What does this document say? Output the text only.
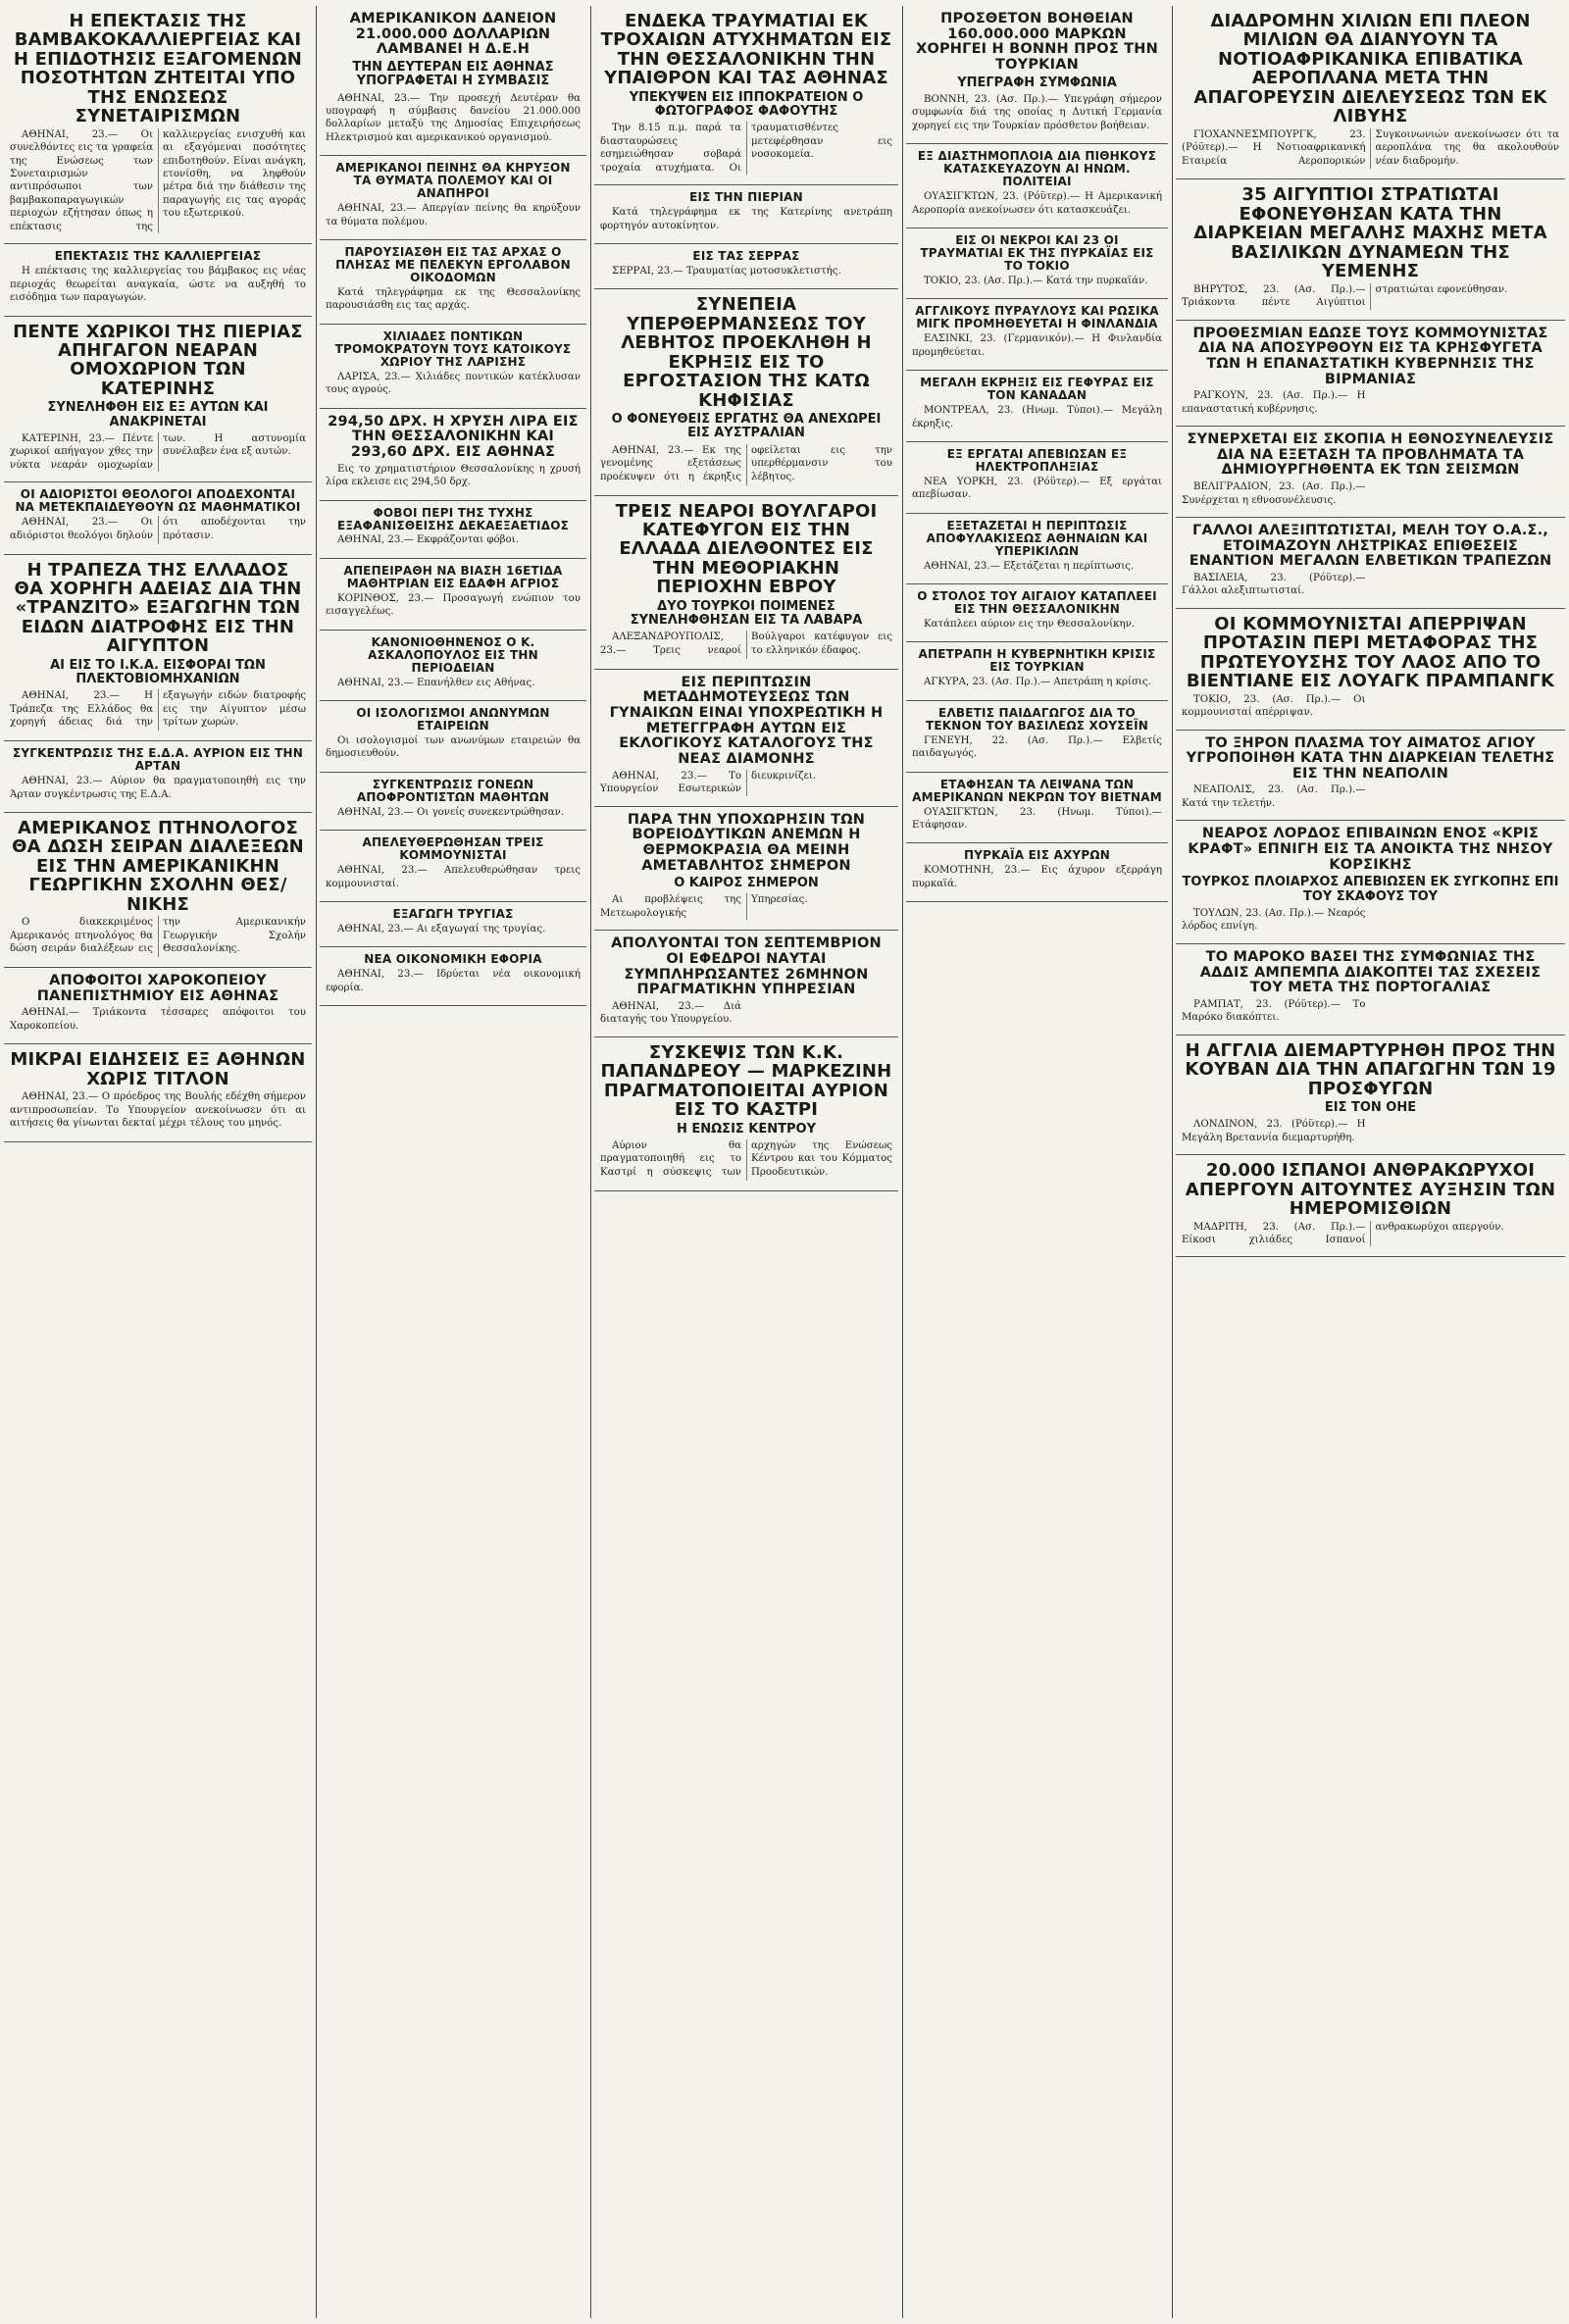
Η ΕΠΕΚΤΑΣΙΣ ΤΗΣ ΒΑΜΒΑΚΟΚΑΛΛΙΕΡΓΕΙΑΣ ΚΑΙ Η ΕΠΙΔΟΤΗΣΙΣ ΕΞΑΓΟΜΕΝΩΝ ΠΟΣΟΤΗΤΩΝ ΖΗΤΕΙΤΑΙ ΥΠΟ ΤΗΣ ΕΝΩΣΕΩΣ ΣΥΝΕΤΑΙΡΙΣΜΩΝ

ΑΘΗΝΑΙ, 23.— Οι συνελθόντες εις τα γραφεία της Ενώσεως των Συνεταιρισμών αντιπρόσωποι των βαμβακοπαραγωγικών περιοχών εζήτησαν όπως η επέκτασις της καλλιεργείας ενισχυθή και αι εξαγόμεναι ποσότητες επιδοτηθούν. Είναι ανάγκη, ετονίσθη, να ληφθούν μέτρα διά την διάθεσιν της παραγωγής εις τας αγοράς του εξωτερικού.

ΕΠΕΚΤΑΣΙΣ ΤΗΣ ΚΑΛΛΙΕΡΓΕΙΑΣ

Η επέκτασις της καλλιεργείας του βάμβακος εις νέας περιοχάς θεωρείται αναγκαία, ώστε να αυξηθή το εισόδημα των παραγωγών.

ΠΕΝΤΕ ΧΩΡΙΚΟΙ ΤΗΣ ΠΙΕΡΙΑΣ ΑΠΗΓΑΓΟΝ ΝΕΑΡΑΝ ΟΜΟΧΩΡΙΟΝ ΤΩΝ ΚΑΤΕΡΙΝΗΣ
ΣΥΝΕΛΗΦΘΗ ΕΙΣ ΕΞ ΑΥΤΩΝ ΚΑΙ ΑΝΑΚΡΙΝΕΤΑΙ

ΚΑΤΕΡΙΝΗ, 23.— Πέντε χωρικοί απήγαγον χθες την νύκτα νεαράν ομοχωρίαν των. Η αστυνομία συνέλαβεν ένα εξ αυτών.

ΟΙ ΑΔΙΟΡΙΣΤΟΙ ΘΕΟΛΟΓΟΙ ΑΠΟΔΕΧΟΝΤΑΙ ΝΑ ΜΕΤΕΚΠΑΙΔΕΥΘΟΥΝ ΩΣ ΜΑΘΗΜΑΤΙΚΟΙ

ΑΘΗΝΑΙ, 23.— Οι αδιόριστοι θεολόγοι δηλούν ότι αποδέχονται την πρότασιν.

Η ΤΡΑΠΕΖΑ ΤΗΣ ΕΛΛΑΔΟΣ ΘΑ ΧΟΡΗΓΗ ΑΔΕΙΑΣ ΔΙΑ ΤΗΝ «ΤΡΑΝΖΙΤΟ» ΕΞΑΓΩΓΗΝ ΤΩΝ ΕΙΔΩΝ ΔΙΑΤΡΟΦΗΣ ΕΙΣ ΤΗΝ ΑΙΓΥΠΤΟΝ
ΑΙ ΕΙΣ ΤΟ Ι.Κ.Α. ΕΙΣΦΟΡΑΙ ΤΩΝ ΠΛΕΚΤΟΒΙΟΜΗΧΑΝΙΩΝ

ΑΘΗΝΑΙ, 23.— Η Τράπεζα της Ελλάδος θα χορηγή άδειας διά την εξαγωγήν ειδών διατροφής εις την Αίγυπτον μέσω τρίτων χωρών.

ΣΥΓΚΕΝΤΡΩΣΙΣ ΤΗΣ Ε.Δ.Α. ΑΥΡΙΟΝ ΕΙΣ ΤΗΝ ΑΡΤΑΝ

ΑΘΗΝΑΙ, 23.— Αύριον θα πραγματοποιηθή εις την Άρταν συγκέντρωσις της Ε.Δ.Α.

ΑΜΕΡΙΚΑΝΟΣ ΠΤΗΝΟΛΟΓΟΣ ΘΑ ΔΩΣΗ ΣΕΙΡΑΝ ΔΙΑΛΕΞΕΩΝ ΕΙΣ ΤΗΝ ΑΜΕΡΙΚΑΝΙΚΗΝ ΓΕΩΡΓΙΚΗΝ ΣΧΟΛΗΝ ΘΕΣ/ΝΙΚΗΣ

Ο διακεκριμένος Αμερικανός πτηνολόγος θα δώση σειράν διαλέξεων εις την Αμερικανικήν Γεωργικήν Σχολήν Θεσσαλονίκης.

ΑΠΟΦΟΙΤΟΙ ΧΑΡΟΚΟΠΕΙΟΥ ΠΑΝΕΠΙΣΤΗΜΙΟΥ ΕΙΣ ΑΘΗΝΑΣ

ΑΘΗΝΑΙ.— Τριάκοντα τέσσαρες απόφοιτοι του Χαροκοπείου.

ΜΙΚΡΑΙ ΕΙΔΗΣΕΙΣ ΕΞ ΑΘΗΝΩΝ ΧΩΡΙΣ ΤΙΤΛΟΝ

ΑΘΗΝΑΙ, 23.— Ο πρόεδρος της Βουλής εδέχθη σήμερον αντιπροσωπείαν. Το Υπουργείον ανεκοίνωσεν ότι αι αιτήσεις θα γίνωνται δεκταί μέχρι τέλους του μηνός.

ΑΜΕΡΙΚΑΝΙΚΟΝ ΔΑΝΕΙΟΝ 21.000.000 ΔΟΛΛΑΡΙΩΝ ΛΑΜΒΑΝΕΙ Η Δ.Ε.Η
ΤΗΝ ΔΕΥΤΕΡΑΝ ΕΙΣ ΑΘΗΝΑΣ ΥΠΟΓΡΑΦΕΤΑΙ Η ΣΥΜΒΑΣΙΣ

ΑΘΗΝΑΙ, 23.— Την προσεχή Δευτέραν θα υπογραφή η σύμβασις δανείου 21.000.000 δολλαρίων μεταξύ της Δημοσίας Επιχειρήσεως Ηλεκτρισμού και αμερικανικού οργανισμού.

ΑΜΕΡΙΚΑΝΟΙ ΠΕΙΝΗΣ ΘΑ ΚΗΡΥΞΟΝ ΤΑ ΘΥΜΑΤΑ ΠΟΛΕΜΟΥ ΚΑΙ ΟΙ ΑΝΑΠΗΡΟΙ

ΑΘΗΝΑΙ, 23.— Απεργίαν πείνης θα κηρύξουν τα θύματα πολέμου.

ΠΑΡΟΥΣΙΑΣΘΗ ΕΙΣ ΤΑΣ ΑΡΧΑΣ Ο ΠΛΗΣΑΣ ΜΕ ΠΕΛΕΚΥΝ ΕΡΓΟΛΑΒΟΝ ΟΙΚΟΔΟΜΩΝ

Κατά τηλεγράφημα εκ της Θεσσαλονίκης παρουσιάσθη εις τας αρχάς.

ΧΙΛΙΑΔΕΣ ΠΟΝΤΙΚΩΝ ΤΡΟΜΟΚΡΑΤΟΥΝ ΤΟΥΣ ΚΑΤΟΙΚΟΥΣ ΧΩΡΙΟΥ ΤΗΣ ΛΑΡΙΣΗΣ

ΛΑΡΙΣΑ, 23.— Χιλιάδες ποντικών κατέκλυσαν τους αγρούς.

294,50 ΔΡΧ. Η ΧΡΥΣΗ ΛΙΡΑ ΕΙΣ ΤΗΝ ΘΕΣΣΑΛΟΝΙΚΗΝ ΚΑΙ 293,60 ΔΡΧ. ΕΙΣ ΑΘΗΝΑΣ

Εις το χρηματιστήριον Θεσσαλονίκης η χρυσή λίρα εκλεισε εις 294,50 δρχ.

ΦΟΒΟΙ ΠΕΡΙ ΤΗΣ ΤΥΧΗΣ ΕΞΑΦΑΝΙΣΘΕΙΣΗΣ ΔΕΚΑΕΞΑΕΤΙΔΟΣ

ΑΘΗΝΑΙ, 23.— Εκφράζονται φόβοι.

ΑΠΕΠΕΙΡΑΘΗ ΝΑ ΒΙΑΣΗ 16ΕΤΙΔΑ ΜΑΘΗΤΡΙΑΝ ΕΙΣ ΕΔΑΦΗ ΑΓΡΙΟΣ

ΚΟΡΙΝΘΟΣ, 23.— Προσαγωγή ενώπιον του εισαγγελέως.

ΚΑΝΟΝΙΟΘΗΝΕΝΟΣ Ο Κ. ΑΣΚΑΛΟΠΟΥΛΟΣ ΕΙΣ ΤΗΝ ΠΕΡΙΟΔΕΙΑΝ

ΑΘΗΝΑΙ, 23.— Επανήλθεν εις Αθήνας.

ΟΙ ΙΣΟΛΟΓΙΣΜΟΙ ΑΝΩΝΥΜΩΝ ΕΤΑΙΡΕΙΩΝ

Οι ισολογισμοί των ανωνύμων εταιρειών θα δημοσιευθούν.

ΣΥΓΚΕΝΤΡΩΣΙΣ ΓΟΝΕΩΝ ΑΠΟΦΡΟΝΤΙΣΤΩΝ ΜΑΘΗΤΩΝ

ΑΘΗΝΑΙ, 23.— Οι γονείς συνεκεντρώθησαν.

ΑΠΕΛΕΥΘΕΡΩΘΗΣΑΝ ΤΡΕΙΣ ΚΟΜΜΟΥΝΙΣΤΑΙ

ΑΘΗΝΑΙ, 23.— Απελευθερώθησαν τρεις κομμουνισταί.

ΕΞΑΓΩΓΗ ΤΡΥΓΙΑΣ

ΑΘΗΝΑΙ, 23.— Αι εξαγωγαί της τρυγίας.

ΝΕΑ ΟΙΚΟΝΟΜΙΚΗ ΕΦΟΡΙΑ

ΑΘΗΝΑΙ, 23.— Ιδρύεται νέα οικονομική εφορία.

ΕΝΔΕΚΑ ΤΡΑΥΜΑΤΙΑΙ ΕΚ ΤΡΟΧΑΙΩΝ ΑΤΥΧΗΜΑΤΩΝ ΕΙΣ ΤΗΝ ΘΕΣΣΑΛΟΝΙΚΗΝ ΤΗΝ ΥΠΑΙΘΡΟΝ ΚΑΙ ΤΑΣ ΑΘΗΝΑΣ
ΥΠΕΚΥΨΕΝ ΕΙΣ ΙΠΠΟΚΡΑΤΕΙΟΝ Ο ΦΩΤΟΓΡΑΦΟΣ ΦΑΦΟΥΤΗΣ

Την 8.15 π.μ. παρά τα διασταυρώσεις εσημειώθησαν σοβαρά τροχαία ατυχήματα. Οι τραυματισθέντες μετεφέρθησαν εις νοσοκομεία.

ΕΙΣ ΤΗΝ ΠΙΕΡΙΑΝ

Κατά τηλεγράφημα εκ της Κατερίνης ανετράπη φορτηγόν αυτοκίνητον.

ΕΙΣ ΤΑΣ ΣΕΡΡΑΣ

ΣΕΡΡΑΙ, 23.— Τραυματίας μοτοσυκλετιστής.

ΣΥΝΕΠΕΙΑ ΥΠΕΡΘΕΡΜΑΝΣΕΩΣ ΤΟΥ ΛΕΒΗΤΟΣ ΠΡΟΕΚΛΗΘΗ Η ΕΚΡΗΞΙΣ ΕΙΣ ΤΟ ΕΡΓΟΣΤΑΣΙΟΝ ΤΗΣ ΚΑΤΩ ΚΗΦΙΣΙΑΣ
Ο ΦΟΝΕΥΘΕΙΣ ΕΡΓΑΤΗΣ ΘΑ ΑΝΕΧΩΡΕΙ ΕΙΣ ΑΥΣΤΡΑΛΙΑΝ

ΑΘΗΝΑΙ, 23.— Εκ της γενομένης εξετάσεως προέκυψεν ότι η έκρηξις οφείλεται εις την υπερθέρμανσιν του λέβητος.

ΤΡΕΙΣ ΝΕΑΡΟΙ ΒΟΥΛΓΑΡΟΙ ΚΑΤΕΦΥΓΟΝ ΕΙΣ ΤΗΝ ΕΛΛΑΔΑ ΔΙΕΛΘΟΝΤΕΣ ΕΙΣ ΤΗΝ ΜΕΘΟΡΙΑΚΗΝ ΠΕΡΙΟΧΗΝ ΕΒΡΟΥ
ΔΥΟ ΤΟΥΡΚΟΙ ΠΟΙΜΕΝΕΣ ΣΥΝΕΛΗΦΘΗΣΑΝ ΕΙΣ ΤΑ ΛΑΒΑΡΑ

ΑΛΕΞΑΝΔΡΟΥΠΟΛΙΣ, 23.— Τρεις νεαροί Βούλγαροι κατέφυγον εις το ελληνικόν έδαφος.

ΕΙΣ ΠΕΡΙΠΤΩΣΙΝ ΜΕΤΑΔΗΜΟΤΕΥΣΕΩΣ ΤΩΝ ΓΥΝΑΙΚΩΝ ΕΙΝΑΙ ΥΠΟΧΡΕΩΤΙΚΗ Η ΜΕΤΕΓΓΡΑΦΗ ΑΥΤΩΝ ΕΙΣ ΕΚΛΟΓΙΚΟΥΣ ΚΑΤΑΛΟΓΟΥΣ ΤΗΣ ΝΕΑΣ ΔΙΑΜΟΝΗΣ

ΑΘΗΝΑΙ, 23.— Το Υπουργείον Εσωτερικών διευκρινίζει.

ΠΑΡΑ ΤΗΝ ΥΠΟΧΩΡΗΣΙΝ ΤΩΝ ΒΟΡΕΙΟΔΥΤΙΚΩΝ ΑΝΕΜΩΝ Η ΘΕΡΜΟΚΡΑΣΙΑ ΘΑ ΜΕΙΝΗ ΑΜΕΤΑΒΛΗΤΟΣ ΣΗΜΕΡΟΝ
Ο ΚΑΙΡΟΣ ΣΗΜΕΡΟΝ

Αι προβλέψεις της Μετεωρολογικής Υπηρεσίας.

ΑΠΟΛΥΟΝΤΑΙ ΤΟΝ ΣΕΠΤΕΜΒΡΙΟΝ ΟΙ ΕΦΕΔΡΟΙ ΝΑΥΤΑΙ ΣΥΜΠΛΗΡΩΣΑΝΤΕΣ 26ΜΗΝΟΝ ΠΡΑΓΜΑΤΙΚΗΝ ΥΠΗΡΕΣΙΑΝ

ΑΘΗΝΑΙ, 23.— Διά διαταγής του Υπουργείου.

ΣΥΣΚΕΨΙΣ ΤΩΝ Κ.Κ. ΠΑΠΑΝΔΡΕΟΥ — ΜΑΡΚΕΖΙΝΗ ΠΡΑΓΜΑΤΟΠΟΙΕΙΤΑΙ ΑΥΡΙΟΝ ΕΙΣ ΤΟ ΚΑΣΤΡΙ
Η ΕΝΩΣΙΣ ΚΕΝΤΡΟΥ

Αύριον θα πραγματοποιηθή εις το Καστρί η σύσκεψις των αρχηγών της Ενώσεως Κέντρου και του Κόμματος Προοδευτικών.

ΠΡΟΣΘΕΤΟΝ ΒΟΗΘΕΙΑΝ 160.000.000 ΜΑΡΚΩΝ ΧΟΡΗΓΕΙ Η ΒΟΝΝΗ ΠΡΟΣ ΤΗΝ ΤΟΥΡΚΙΑΝ
ΥΠΕΓΡΑΦΗ ΣΥΜΦΩΝΙΑ

ΒΟΝΝΗ, 23. (Ασ. Πρ.).— Υπεγράφη σήμερον συμφωνία διά της οποίας η Δυτική Γερμανία χορηγεί εις την Τουρκίαν πρόσθετον βοήθειαν.

ΕΞ ΔΙΑΣΤΗΜΟΠΛΟΙΑ ΔΙΑ ΠΙΘΗΚΟΥΣ ΚΑΤΑΣΚΕΥΑΖΟΥΝ ΑΙ ΗΝΩΜ. ΠΟΛΙΤΕΙΑΙ

ΟΥΑΣΙΓΚΤΩΝ, 23. (Ρόϋτερ).— Η Αμερικανική Αεροπορία ανεκοίνωσεν ότι κατασκευάζει.

ΕΙΣ ΟΙ ΝΕΚΡΟΙ ΚΑΙ 23 ΟΙ ΤΡΑΥΜΑΤΙΑΙ ΕΚ ΤΗΣ ΠΥΡΚΑΪΑΣ ΕΙΣ ΤΟ ΤΟΚΙΟ

ΤΟΚΙΟ, 23. (Ασ. Πρ.).— Κατά την πυρκαϊάν.

ΑΓΓΛΙΚΟΥΣ ΠΥΡΑΥΛΟΥΣ ΚΑΙ ΡΩΣΙΚΑ ΜΙΓΚ ΠΡΟΜΗΘΕΥΕΤΑΙ Η ΦΙΝΛΑΝΔΙΑ

ΕΛΣΙΝΚΙ, 23. (Γερμανικόν).— Η Φινλανδία προμηθεύεται.

ΜΕΓΑΛΗ ΕΚΡΗΞΙΣ ΕΙΣ ΓΕΦΥΡΑΣ ΕΙΣ ΤΟΝ ΚΑΝΑΔΑΝ

ΜΟΝΤΡΕΑΛ, 23. (Ηνωμ. Τύποι).— Μεγάλη έκρηξις.

ΕΞ ΕΡΓΑΤΑΙ ΑΠΕΒΙΩΣΑΝ ΕΞ ΗΛΕΚΤΡΟΠΛΗΞΙΑΣ

ΝΕΑ ΥΟΡΚΗ, 23. (Ρόϋτερ).— Εξ εργάται απεβίωσαν.

ΕΞΕΤΑΖΕΤΑΙ Η ΠΕΡΙΠΤΩΣΙΣ ΑΠΟΦΥΛΑΚΙΣΕΩΣ ΑΘΗΝΑΙΩΝ ΚΑΙ ΥΠΕΡΙΚΙΛΩΝ

ΑΘΗΝΑΙ, 23.— Εξετάζεται η περίπτωσις.

Ο ΣΤΟΛΟΣ ΤΟΥ ΑΙΓΑΙΟΥ ΚΑΤΑΠΛΕΕΙ ΕΙΣ ΤΗΝ ΘΕΣΣΑΛΟΝΙΚΗΝ

Κατάπλεει αύριον εις την Θεσσαλονίκην.

ΑΠΕΤΡΑΠΗ Η ΚΥΒΕΡΝΗΤΙΚΗ ΚΡΙΣΙΣ ΕΙΣ ΤΟΥΡΚΙΑΝ

ΑΓΚΥΡΑ, 23. (Ασ. Πρ.).— Απετράπη η κρίσις.

ΕΛΒΕΤΙΣ ΠΑΙΔΑΓΩΓΟΣ ΔΙΑ ΤΟ ΤΕΚΝΟΝ ΤΟΥ ΒΑΣΙΛΕΩΣ ΧΟΥΣΕΪΝ

ΓΕΝΕΥΗ, 22. (Ασ. Πρ.).— Ελβετίς παιδαγωγός.

ΕΤΑΦΗΣΑΝ ΤΑ ΛΕΙΨΑΝΑ ΤΩΝ ΑΜΕΡΙΚΑΝΩΝ ΝΕΚΡΩΝ ΤΟΥ ΒΙΕΤΝΑΜ

ΟΥΑΣΙΓΚΤΩΝ, 23. (Ηνωμ. Τύποι).— Ετάφησαν.

ΠΥΡΚΑΪΑ ΕΙΣ ΑΧΥΡΩΝ

ΚΟΜΟΤΗΝΗ, 23.— Εις άχυρον εξερράγη πυρκαϊά.

ΔΙΑΔΡΟΜΗΝ ΧΙΛΙΩΝ ΕΠΙ ΠΛΕΟΝ ΜΙΛΙΩΝ ΘΑ ΔΙΑΝΥΟΥΝ ΤΑ ΝΟΤΙΟΑΦΡΙΚΑΝΙΚΑ ΕΠΙΒΑΤΙΚΑ ΑΕΡΟΠΛΑΝΑ ΜΕΤΑ ΤΗΝ ΑΠΑΓΟΡΕΥΣΙΝ ΔΙΕΛΕΥΣΕΩΣ ΤΩΝ ΕΚ ΛΙΒΥΗΣ

ΓΙΟΧΑΝΝΕΣΜΠΟΥΡΓΚ, 23. (Ρόϋτερ).— Η Νοτιοαφρικανική Εταιρεία Αεροπορικών Συγκοινωνιών ανεκοίνωσεν ότι τα αεροπλάνα της θα ακολουθούν νέαν διαδρομήν.

35 ΑΙΓΥΠΤΙΟΙ ΣΤΡΑΤΙΩΤΑΙ ΕΦΟΝΕΥΘΗΣΑΝ ΚΑΤΑ ΤΗΝ ΔΙΑΡΚΕΙΑΝ ΜΕΓΑΛΗΣ ΜΑΧΗΣ ΜΕΤΑ ΒΑΣΙΛΙΚΩΝ ΔΥΝΑΜΕΩΝ ΤΗΣ ΥΕΜΕΝΗΣ

ΒΗΡΥΤΟΣ, 23. (Ασ. Πρ.).— Τριάκοντα πέντε Αιγύπτιοι στρατιώται εφονεύθησαν.

ΠΡΟΘΕΣΜΙΑΝ ΕΔΩΣΕ ΤΟΥΣ ΚΟΜΜΟΥΝΙΣΤΑΣ ΔΙΑ ΝΑ ΑΠΟΣΥΡΘΟΥΝ ΕΙΣ ΤΑ ΚΡΗΣΦΥΓΕΤΑ ΤΩΝ Η ΕΠΑΝΑΣΤΑΤΙΚΗ ΚΥΒΕΡΝΗΣΙΣ ΤΗΣ ΒΙΡΜΑΝΙΑΣ

ΡΑΓΚΟΥΝ, 23. (Ασ. Πρ.).— Η επαναστατική κυβέρνησις.

ΣΥΝΕΡΧΕΤΑΙ ΕΙΣ ΣΚΟΠΙΑ Η ΕΘΝΟΣΥΝΕΛΕΥΣΙΣ ΔΙΑ ΝΑ ΕΞΕΤΑΣΗ ΤΑ ΠΡΟΒΛΗΜΑΤΑ ΤΑ ΔΗΜΙΟΥΡΓΗΘΕΝΤΑ ΕΚ ΤΩΝ ΣΕΙΣΜΩΝ

ΒΕΛΙΓΡΑΔΙΟΝ, 23. (Ασ. Πρ.).— Συνέρχεται η εθνοσυνέλευσις.

ΓΑΛΛΟΙ ΑΛΕΞΙΠΤΩΤΙΣΤΑΙ, ΜΕΛΗ ΤΟΥ Ο.Α.Σ., ΕΤΟΙΜΑΖΟΥΝ ΛΗΣΤΡΙΚΑΣ ΕΠΙΘΕΣΕΙΣ ΕΝΑΝΤΙΟΝ ΜΕΓΑΛΩΝ ΕΛΒΕΤΙΚΩΝ ΤΡΑΠΕΖΩΝ

ΒΑΣΙΛΕΙΑ, 23. (Ρόϋτερ).— Γάλλοι αλεξιπτωτισταί.

ΟΙ ΚΟΜΜΟΥΝΙΣΤΑΙ ΑΠΕΡΡΙΨΑΝ ΠΡΟΤΑΣΙΝ ΠΕΡΙ ΜΕΤΑΦΟΡΑΣ ΤΗΣ ΠΡΩΤΕΥΟΥΣΗΣ ΤΟΥ ΛΑΟΣ ΑΠΟ ΤΟ ΒΙΕΝΤΙΑΝΕ ΕΙΣ ΛΟΥΑΓΚ ΠΡΑΜΠΑΝΓΚ

ΤΟΚΙΟ, 23. (Ασ. Πρ.).— Οι κομμουνισταί απέρριψαν.

ΤΟ ΞΗΡΟΝ ΠΛΑΣΜΑ ΤΟΥ ΑΙΜΑΤΟΣ ΑΓΙΟΥ ΥΓΡΟΠΟΙΗΘΗ ΚΑΤΑ ΤΗΝ ΔΙΑΡΚΕΙΑΝ ΤΕΛΕΤΗΣ ΕΙΣ ΤΗΝ ΝΕΑΠΟΛΙΝ

ΝΕΑΠΟΛΙΣ, 23. (Ασ. Πρ.).— Κατά την τελετήν.

ΝΕΑΡΟΣ ΛΟΡΔΟΣ ΕΠΙΒΑΙΝΩΝ ΕΝΟΣ «ΚΡΙΣ ΚΡΑΦΤ» ΕΠΝΙΓΗ ΕΙΣ ΤΑ ΑΝΟΙΚΤΑ ΤΗΣ ΝΗΣΟΥ ΚΟΡΣΙΚΗΣ
ΤΟΥΡΚΟΣ ΠΛΟΙΑΡΧΟΣ ΑΠΕΒΙΩΣΕΝ ΕΚ ΣΥΓΚΟΠΗΣ ΕΠΙ ΤΟΥ ΣΚΑΦΟΥΣ ΤΟΥ

ΤΟΥΛΩΝ, 23. (Ασ. Πρ.).— Νεαρός λόρδος επνίγη.

ΤΟ ΜΑΡΟΚΟ ΒΑΣΕΙ ΤΗΣ ΣΥΜΦΩΝΙΑΣ ΤΗΣ ΑΔΔΙΣ ΑΜΠΕΜΠΑ ΔΙΑΚΟΠΤΕΙ ΤΑΣ ΣΧΕΣΕΙΣ ΤΟΥ ΜΕΤΑ ΤΗΣ ΠΟΡΤΟΓΑΛΙΑΣ

ΡΑΜΠΑΤ, 23. (Ρόϋτερ).— Το Μαρόκο διακόπτει.

Η ΑΓΓΛΙΑ ΔΙΕΜΑΡΤΥΡΗΘΗ ΠΡΟΣ ΤΗΝ ΚΟΥΒΑΝ ΔΙΑ ΤΗΝ ΑΠΑΓΩΓΗΝ ΤΩΝ 19 ΠΡΟΣΦΥΓΩΝ
ΕΙΣ ΤΟΝ ΟΗΕ

ΛΟΝΔΙΝΟΝ, 23. (Ρόϋτερ).— Η Μεγάλη Βρεταννία διεμαρτυρήθη.

20.000 ΙΣΠΑΝΟΙ ΑΝΘΡΑΚΩΡΥΧΟΙ ΑΠΕΡΓΟΥΝ ΑΙΤΟΥΝΤΕΣ ΑΥΞΗΣΙΝ ΤΩΝ ΗΜΕΡΟΜΙΣΘΙΩΝ

ΜΑΔΡΙΤΗ, 23. (Ασ. Πρ.).— Είκοσι χιλιάδες Ισπανοί ανθρακωρύχοι απεργούν.
